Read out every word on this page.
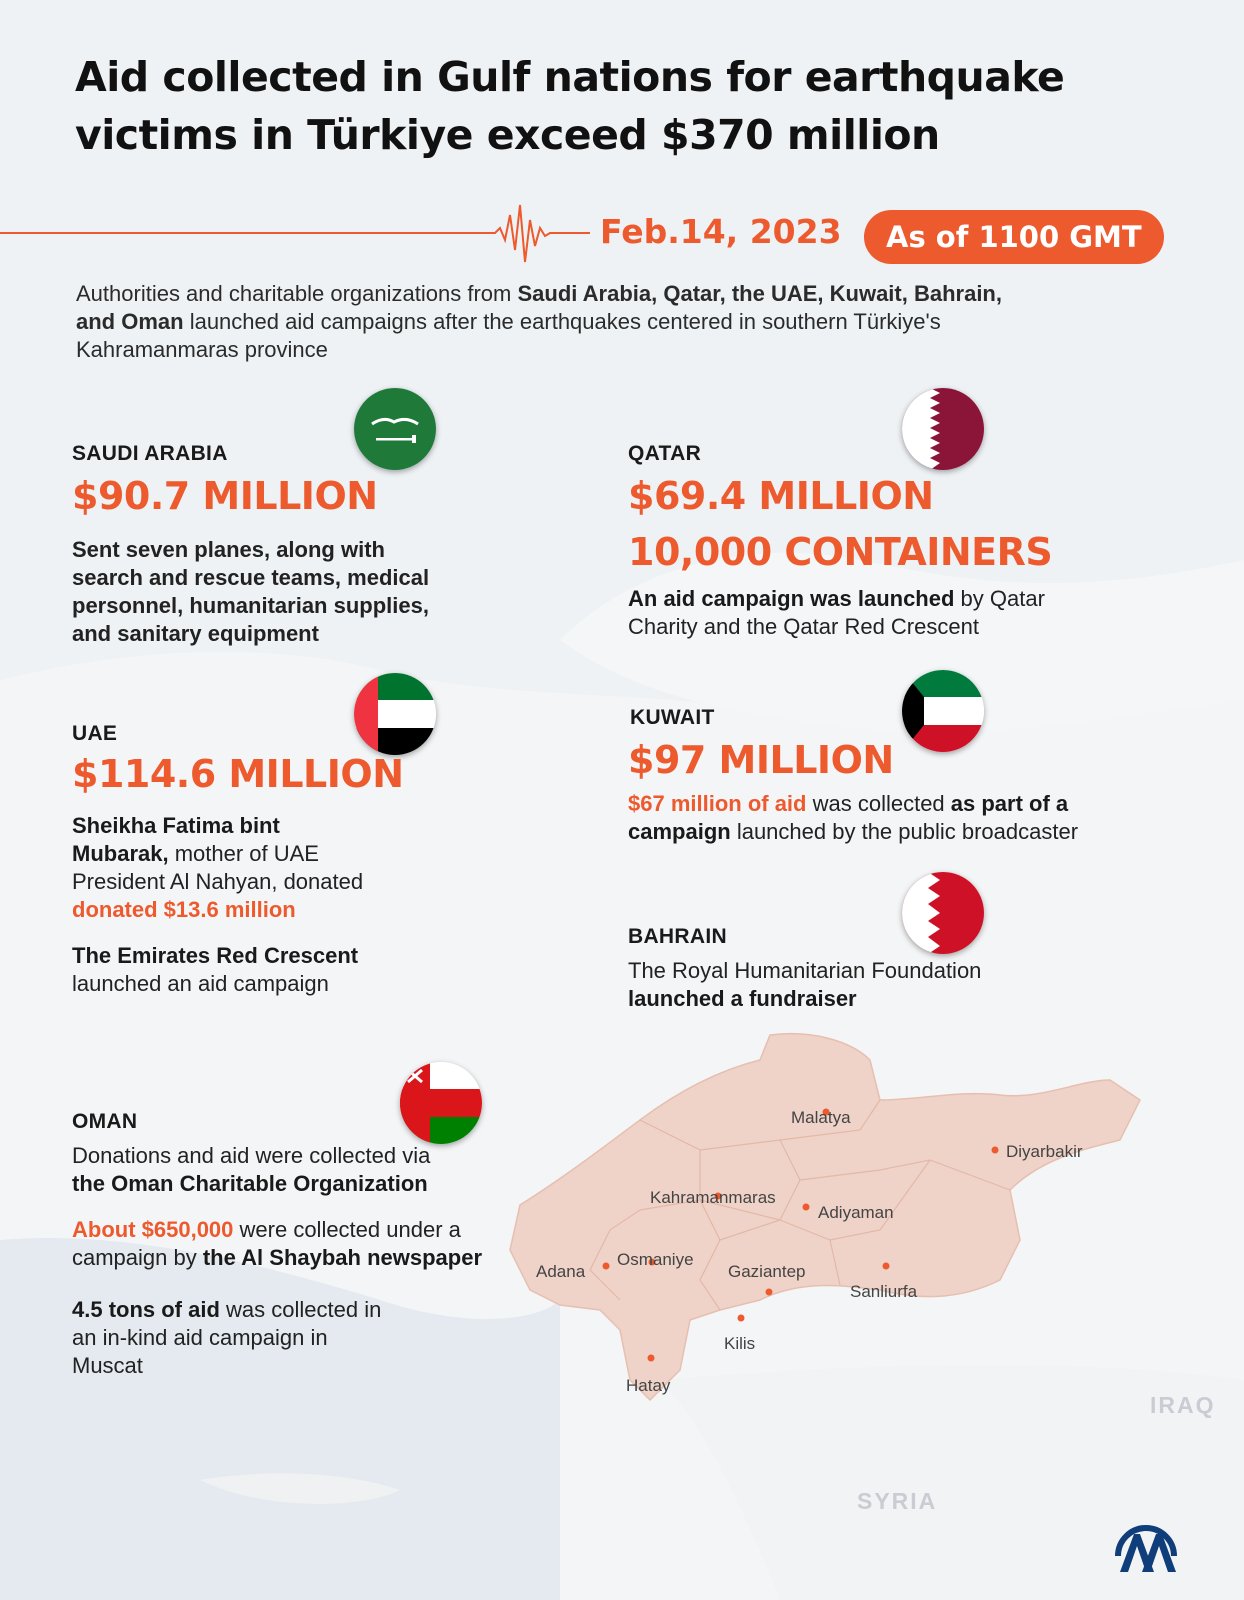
Aid collected in Gulf nations for earthquake victims in Türkiye exceed $370 million
Feb.14, 2023	As of 1100 GMT
Authorities and charitable organizations from Saudi Arabia, Qatar, the UAE, Kuwait, Bahrain, and Oman launched aid campaigns after the earthquakes centered in southern Türkiye's Kahramanmaras province
SAUDI ARABIA
$90.7 MILLION
Sent seven planes, along with search and rescue teams, medical personnel, humanitarian supplies, and sanitary equipment
QATAR
$69.4 MILLION
10,000 CONTAINERS
An aid campaign was launched by Qatar Charity and the Qatar Red Crescent
UAE
$114.6 MILLION
Sheikha Fatima bint Mubarak, mother of UAE President Al Nahyan, donated donated $13.6 million
The Emirates Red Crescent launched an aid campaign
KUWAIT
$97 MILLION
$67 million of aid was collected as part of a campaign launched by the public broadcaster
BAHRAIN
The Royal Humanitarian Foundation launched a fundraiser
OMAN
Donations and aid were collected via the Oman Charitable Organization
About $650,000 were collected under a campaign by the Al Shaybah newspaper
4.5 tons of aid was collected in an in-kind aid campaign in Muscat
Malatya
Diyarbakir
Kahramanmaras
Adiyaman
Adana
Osmaniye
Gaziantep
Sanliurfa
Kilis
Hatay
IRAQ
SYRIA
